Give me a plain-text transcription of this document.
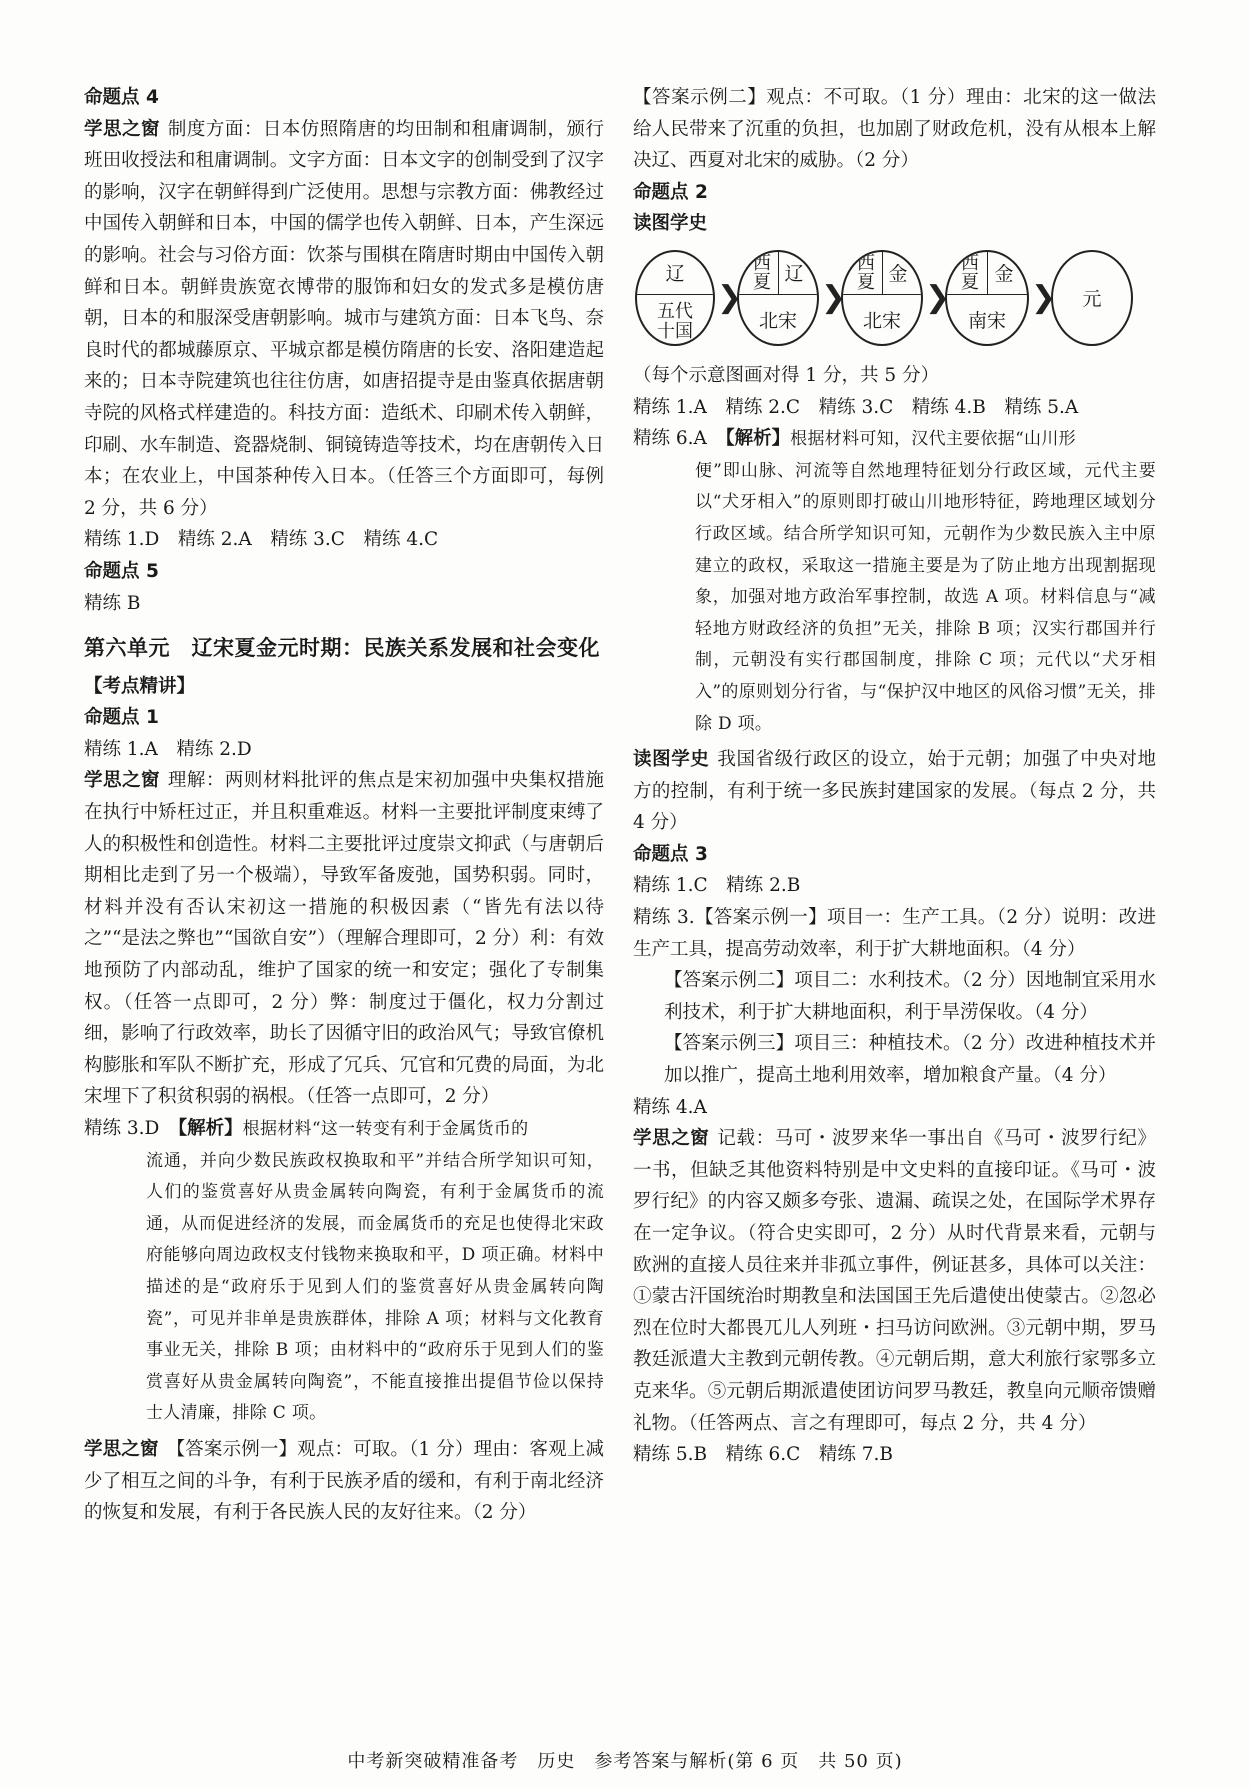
命题点 4

学思之窗 制度方面：日本仿照隋唐的均田制和租庸调制，颁行班田收授法和租庸调制。文字方面：日本文字的创制受到了汉字的影响，汉字在朝鲜得到广泛使用。思想与宗教方面：佛教经过中国传入朝鲜和日本，中国的儒学也传入朝鲜、日本，产生深远的影响。社会与习俗方面：饮茶与围棋在隋唐时期由中国传入朝鲜和日本。朝鲜贵族宽衣博带的服饰和妇女的发式多是模仿唐朝，日本的和服深受唐朝影响。城市与建筑方面：日本飞鸟、奈良时代的都城藤原京、平城京都是模仿隋唐的长安、洛阳建造起来的；日本寺院建筑也往往仿唐，如唐招提寺是由鉴真依据唐朝寺院的风格式样建造的。科技方面：造纸术、印刷术传入朝鲜，印刷、水车制造、瓷器烧制、铜镜铸造等技术，均在唐朝传入日本；在农业上，中国茶种传入日本。（任答三个方面即可，每例 2 分，共 6 分）

精练 1.D　精练 2.A　精练 3.C　精练 4.C

命题点 5

精练 B

第六单元　辽宋夏金元时期：民族关系发展和社会变化

【考点精讲】

命题点 1

精练 1.A　精练 2.D

学思之窗 理解：两则材料批评的焦点是宋初加强中央集权措施在执行中矫枉过正，并且积重难返。材料一主要批评制度束缚了人的积极性和创造性。材料二主要批评过度崇文抑武（与唐朝后期相比走到了另一个极端），导致军备废弛，国势积弱。同时，材料并没有否认宋初这一措施的积极因素（“皆先有法以待之”“是法之弊也”“国欲自安”）（理解合理即可，2 分）利：有效地预防了内部动乱，维护了国家的统一和安定；强化了专制集权。（任答一点即可，2 分）弊：制度过于僵化，权力分割过细，影响了行政效率，助长了因循守旧的政治风气；导致官僚机构膨胀和军队不断扩充，形成了冗兵、冗官和冗费的局面，为北宋埋下了积贫积弱的祸根。（任答一点即可，2 分）

精练 3.D　【解析】根据材料“这一转变有利于金属货币的

流通，并向少数民族政权换取和平”并结合所学知识可知，人们的鉴赏喜好从贵金属转向陶瓷，有利于金属货币的流通，从而促进经济的发展，而金属货币的充足也使得北宋政府能够向周边政权支付钱物来换取和平，D 项正确。材料中描述的是“政府乐于见到人们的鉴赏喜好从贵金属转向陶瓷”，可见并非单是贵族群体，排除 A 项；材料与文化教育事业无关，排除 B 项；由材料中的“政府乐于见到人们的鉴赏喜好从贵金属转向陶瓷”，不能直接推出提倡节俭以保持士人清廉，排除 C 项。

学思之窗 【答案示例一】观点：可取。（1 分）理由：客观上减少了相互之间的斗争，有利于民族矛盾的缓和，有利于南北经济的恢复和发展，有利于各民族人民的友好往来。（2 分）

【答案示例二】观点：不可取。（1 分）理由：北宋的这一做法给人民带来了沉重的负担，也加剧了财政危机，没有从根本上解决辽、西夏对北宋的威胁。（2 分）

命题点 2

读图学史

辽
五代
十国
❯
西
夏 辽
北宋
❯
西
夏 金
北宋
❯
西
夏 金
南宋
❯	元

（每个示意图画对得 1 分，共 5 分）

精练 1.A　精练 2.C　精练 3.C　精练 4.B　精练 5.A

精练 6.A　【解析】根据材料可知，汉代主要依据“山川形

便”即山脉、河流等自然地理特征划分行政区域，元代主要以“犬牙相入”的原则即打破山川地形特征，跨地理区域划分行政区域。结合所学知识可知，元朝作为少数民族入主中原建立的政权，采取这一措施主要是为了防止地方出现割据现象，加强对地方政治军事控制，故选 A 项。材料信息与“减轻地方财政经济的负担”无关，排除 B 项；汉实行郡国并行制，元朝没有实行郡国制度，排除 C 项；元代以“犬牙相入”的原则划分行省，与“保护汉中地区的风俗习惯”无关，排除 D 项。

读图学史 我国省级行政区的设立，始于元朝；加强了中央对地方的控制，有利于统一多民族封建国家的发展。（每点 2 分，共 4 分）

命题点 3

精练 1.C　精练 2.B

精练 3.【答案示例一】项目一：生产工具。（2 分）说明：改进生产工具，提高劳动效率，利于扩大耕地面积。（4 分）

【答案示例二】项目二：水利技术。（2 分）因地制宜采用水利技术，利于扩大耕地面积，利于旱涝保收。（4 分）

【答案示例三】项目三：种植技术。（2 分）改进种植技术并加以推广，提高土地利用效率，增加粮食产量。（4 分）

精练 4.A

学思之窗 记载：马可・波罗来华一事出自《马可・波罗行纪》一书，但缺乏其他资料特别是中文史料的直接印证。《马可・波罗行纪》的内容又颇多夸张、遗漏、疏误之处，在国际学术界存在一定争议。（符合史实即可，2 分）从时代背景来看，元朝与欧洲的直接人员往来并非孤立事件，例证甚多，具体可以关注：①蒙古汗国统治时期教皇和法国国王先后遣使出使蒙古。②忽必烈在位时大都畏兀儿人列班・扫马访问欧洲。③元朝中期，罗马教廷派遣大主教到元朝传教。④元朝后期，意大利旅行家鄂多立克来华。⑤元朝后期派遣使团访问罗马教廷，教皇向元顺帝馈赠礼物。（任答两点、言之有理即可，每点 2 分，共 4 分）

精练 5.B　精练 6.C　精练 7.B

中考新突破精准备考　历史　参考答案与解析(第 6 页　共 50 页)
